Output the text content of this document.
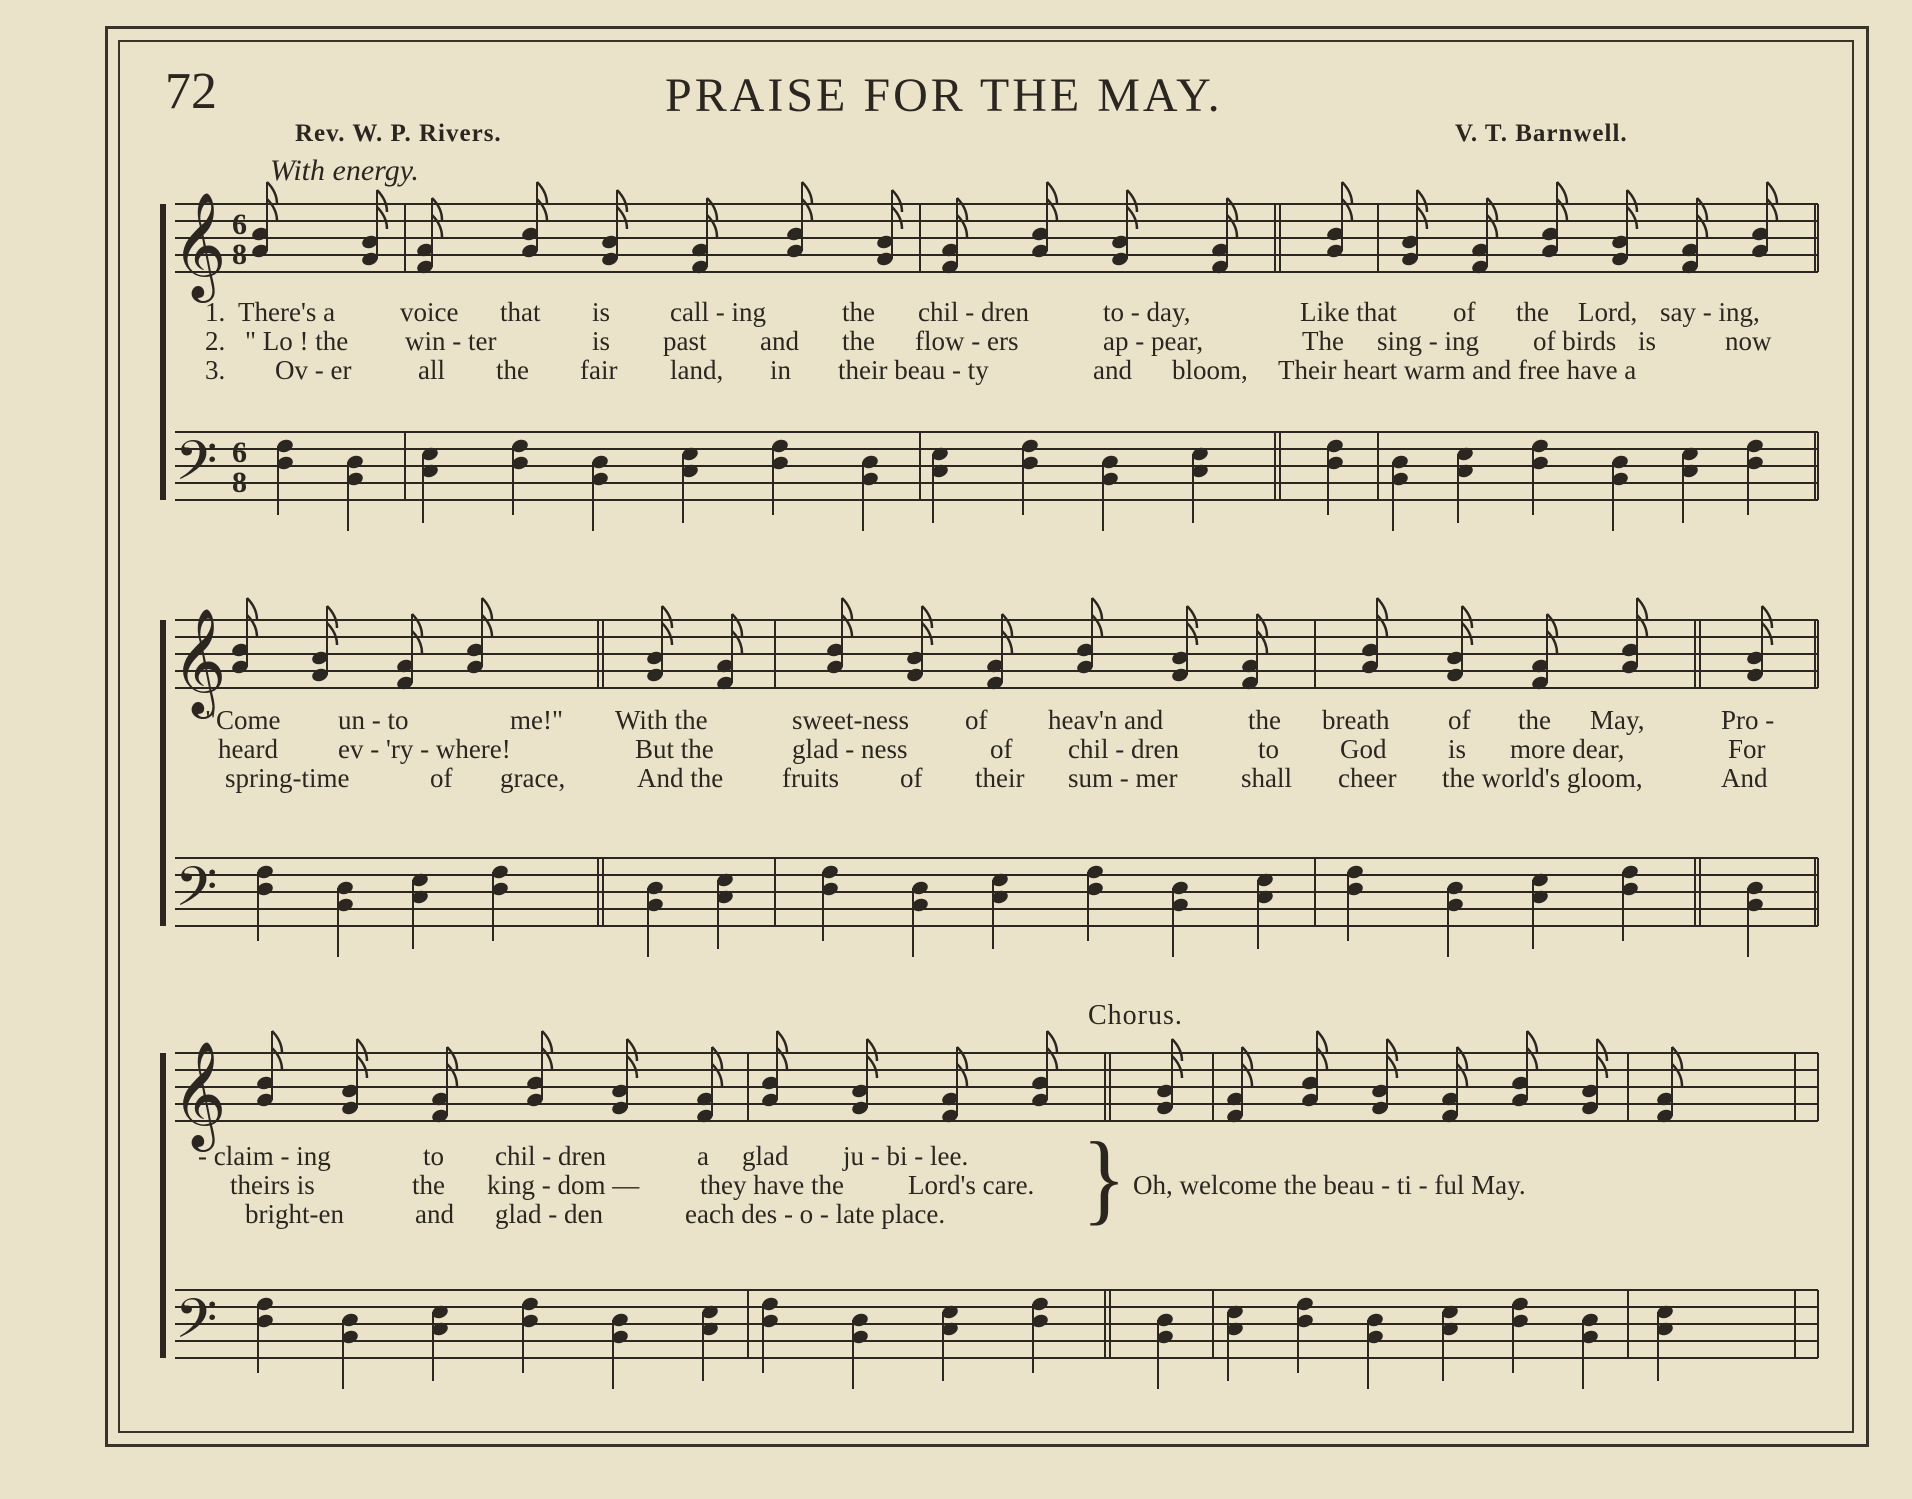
72	PRAISE FOR THE MAY.
Rev. W. P. Rivers.	V. T. Barnwell.
With energy.
Chorus.
1.
2.
3.
There's a voice that is call - ing	the chil - dren	to - day,	Like that of the Lord, say - ing,
" Lo ! the win - ter	is past and the flow - ers	ap - pear,	The sing - ing of birds is	now
Ov - er all the fair land, in their beau - ty	and bloom, Their heart warm and free have a
"Come un - to	me!" With the	sweet-ness of heav'n and	the breath of the May,	Pro -
heard ev - 'ry - where!	But the	glad - ness	of chil - dren	to God is more dear,	For
spring-time	of grace,	And the fruits of their sum - mer shall cheer the world's gloom,	And
- claim - ing	to chil - dren	a glad ju - bi - lee.
theirs is	the king - dom — they have the Lord's care.
bright-en	and glad - den	each des - o - late place. } Oh, welcome the beau - ti - ful May.
𝄞
𝄢
6
8
6
8
𝄞
𝄢
𝄞
𝄢
